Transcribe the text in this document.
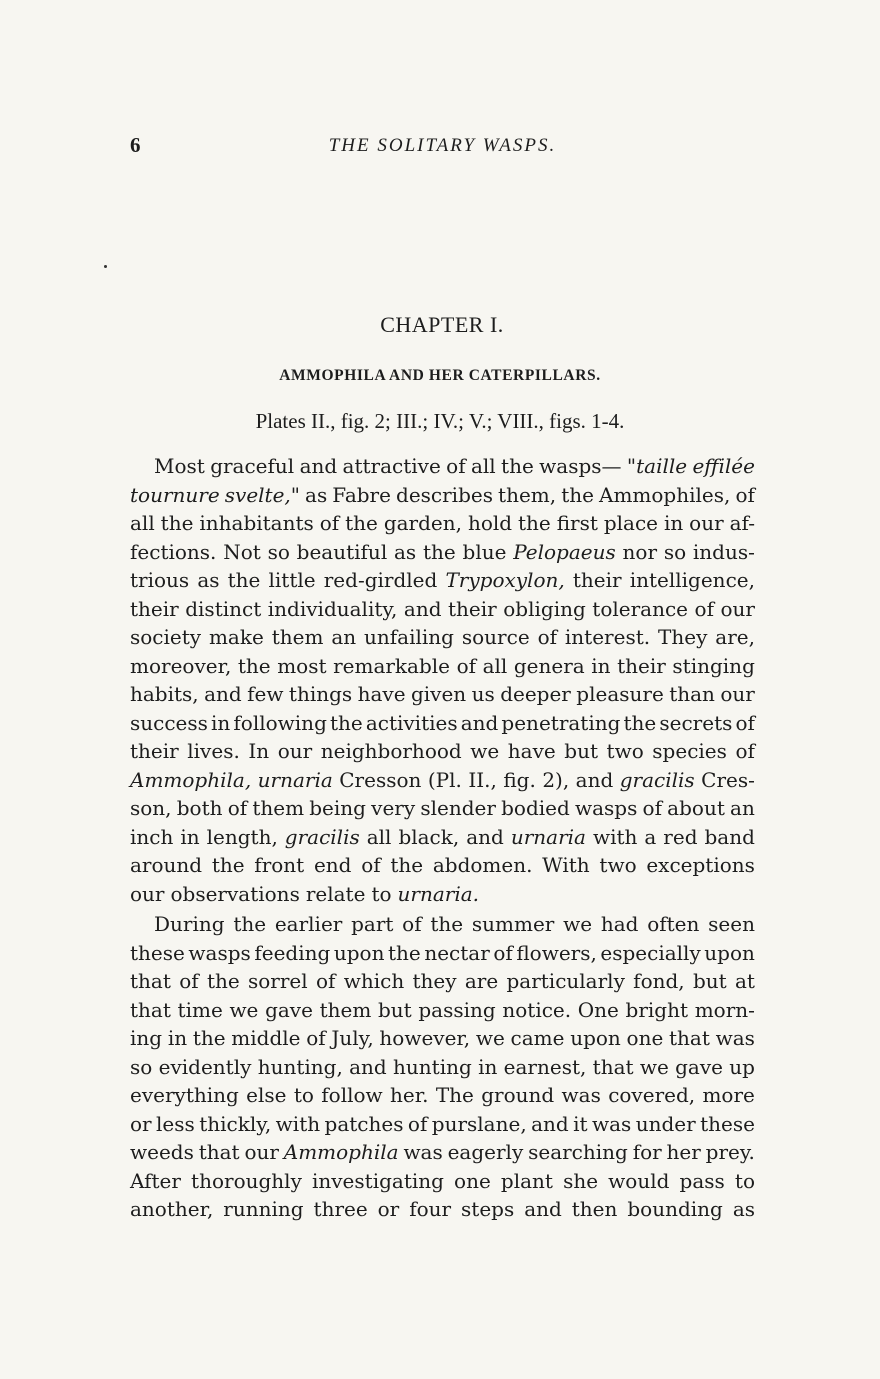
6	THE SOLITARY WASPS.
CHAPTER I.
AMMOPHILA AND HER CATERPILLARS.
Plates II., fig. 2; III.; IV.; V.; VIII., figs. 1-4.
Most graceful and attractive of all the wasps— "taille effilée
tournure svelte," as Fabre describes them, the Ammophiles, of
all the inhabitants of the garden, hold the first place in our af-
fections. Not so beautiful as the blue Pelopaeus nor so indus-
trious as the little red-girdled Trypoxylon, their intelligence,
their distinct individuality, and their obliging tolerance of our
society make them an unfailing source of interest. They are,
moreover, the most remarkable of all genera in their stinging
habits, and few things have given us deeper pleasure than our
success in following the activities and penetrating the secrets of
their lives. In our neighborhood we have but two species of
Ammophila, urnaria Cresson (Pl. II., fig. 2), and gracilis Cres-
son, both of them being very slender bodied wasps of about an
inch in length, gracilis all black, and urnaria with a red band
around the front end of the abdomen. With two exceptions
our observations relate to urnaria.
During the earlier part of the summer we had often seen
these wasps feeding upon the nectar of flowers, especially upon
that of the sorrel of which they are particularly fond, but at
that time we gave them but passing notice. One bright morn-
ing in the middle of July, however, we came upon one that was
so evidently hunting, and hunting in earnest, that we gave up
everything else to follow her. The ground was covered, more
or less thickly, with patches of purslane, and it was under these
weeds that our Ammophila was eagerly searching for her prey.
After thoroughly investigating one plant she would pass to
another, running three or four steps and then bounding as
